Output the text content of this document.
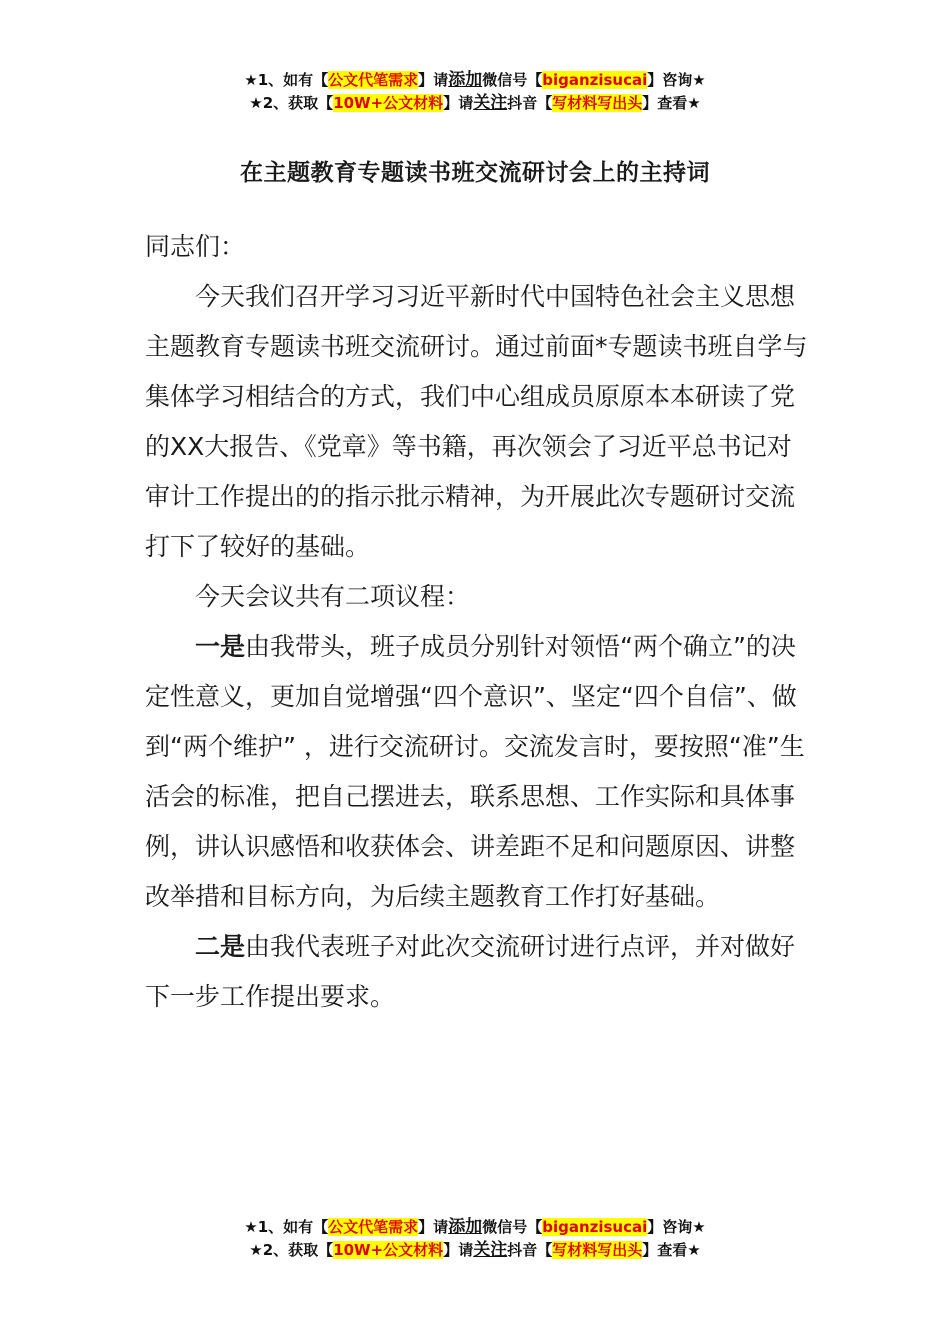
★1、如有【公文代笔需求】请添加微信号【biganzisucai】咨询★
★2、获取【10W+公文材料】请关注抖音【写材料写出头】查看★
在主题教育专题读书班交流研讨会上的主持词

同志们：

今天我们召开学习习近平新时代中国特色社会主义思想主题教育专题读书班交流研讨。通过前面*专题读书班自学与集体学习相结合的方式，我们中心组成员原原本本研读了党的XX大报告、《党章》等书籍，再次领会了习近平总书记对审计工作提出的的指示批示精神，为开展此次专题研讨交流打下了较好的基础。

今天会议共有二项议程：

一是由我带头，班子成员分别针对领悟“两个确立”的决定性意义，更加自觉增强“四个意识”、坚定“四个自信”、做到“两个维护” ，进行交流研讨。交流发言时，要按照“准”生活会的标准，把自己摆进去，联系思想、工作实际和具体事例，讲认识感悟和收获体会、讲差距不足和问题原因、讲整改举措和目标方向，为后续主题教育工作打好基础。

二是由我代表班子对此次交流研讨进行点评，并对做好下一步工作提出要求。

★1、如有【公文代笔需求】请添加微信号【biganzisucai】咨询★
★2、获取【10W+公文材料】请关注抖音【写材料写出头】查看★
